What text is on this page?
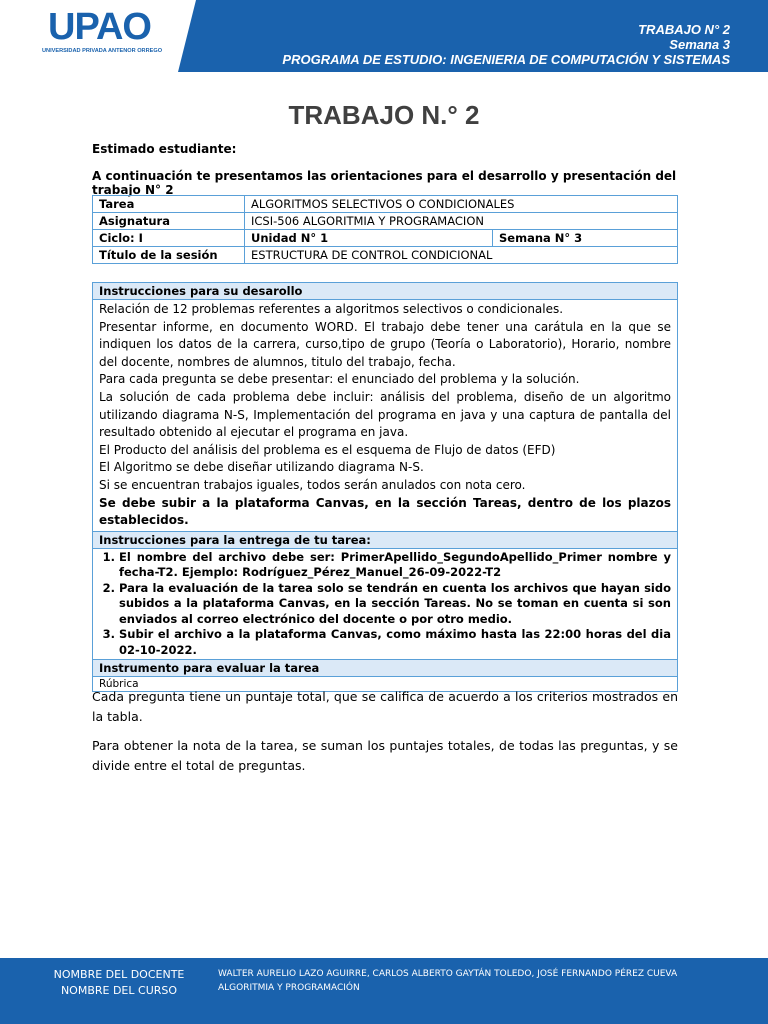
UPAO
UNIVERSIDAD PRIVADA ANTENOR ORREGO
TRABAJO N° 2
Semana 3
PROGRAMA DE ESTUDIO: INGENIERIA DE COMPUTACIÓN Y SISTEMAS
TRABAJO N.° 2
Estimado estudiante:
A continuación te presentamos las orientaciones para el desarrollo y presentación del trabajo N° 2
Tarea	ALGORITMOS SELECTIVOS O CONDICIONALES	
Asignatura	ICSI-506 ALGORITMIA Y PROGRAMACION	
Ciclo: I	Unidad N° 1	Semana N° 3
Título de la sesión	ESTRUCTURA DE CONTROL CONDICIONAL	
Instrucciones para su desarollo

Relación de 12 problemas referentes a algoritmos selectivos o condicionales.
Presentar informe, en documento WORD. El trabajo debe tener una carátula en la que se indiquen los datos de la carrera, curso,tipo de grupo (Teoría o Laboratorio), Horario, nombre del docente, nombres de alumnos, titulo del trabajo, fecha.
Para cada pregunta se debe presentar: el enunciado del problema y la solución.
La solución de cada problema debe incluir: análisis del problema, diseño de un algoritmo utilizando diagrama N-S, Implementación del programa en java y una captura de pantalla del resultado obtenido al ejecutar el programa en java.
El Producto del análisis del problema es el esquema de Flujo de datos (EFD)
El Algoritmo se debe diseñar utilizando diagrama N-S.
Si se encuentran trabajos iguales, todos serán anulados con nota cero.
Se debe subir a la plataforma Canvas, en la sección Tareas, dentro de los plazos establecidos.

Instrucciones para la entrega de tu tarea:

1. El nombre del archivo debe ser: PrimerApellido_SegundoApellido_Primer nombre y fecha-T2. Ejemplo: Rodríguez_Pérez_Manuel_26-09-2022-T2
2. Para la evaluación de la tarea solo se tendrán en cuenta los archivos que hayan sido subidos a la plataforma Canvas, en la sección Tareas. No se toman en cuenta si son enviados al correo electrónico del docente o por otro medio.
3. Subir el archivo a la plataforma Canvas, como máximo hasta las 22:00 horas del dia 02-10-2022.

Instrumento para evaluar la tarea
Rúbrica
Cada pregunta tiene un puntaje total, que se califica de acuerdo a los criterios mostrados en la tabla.
Para obtener la nota de la tarea, se suman los puntajes totales, de todas las preguntas, y se divide entre el total de preguntas.
NOMBRE DEL DOCENTE
NOMBRE DEL CURSO
WALTER AURELIO LAZO AGUIRRE, CARLOS ALBERTO GAYTÁN TOLEDO, JOSÉ FERNANDO PÉREZ CUEVA
ALGORITMIA Y PROGRAMACIÓN
